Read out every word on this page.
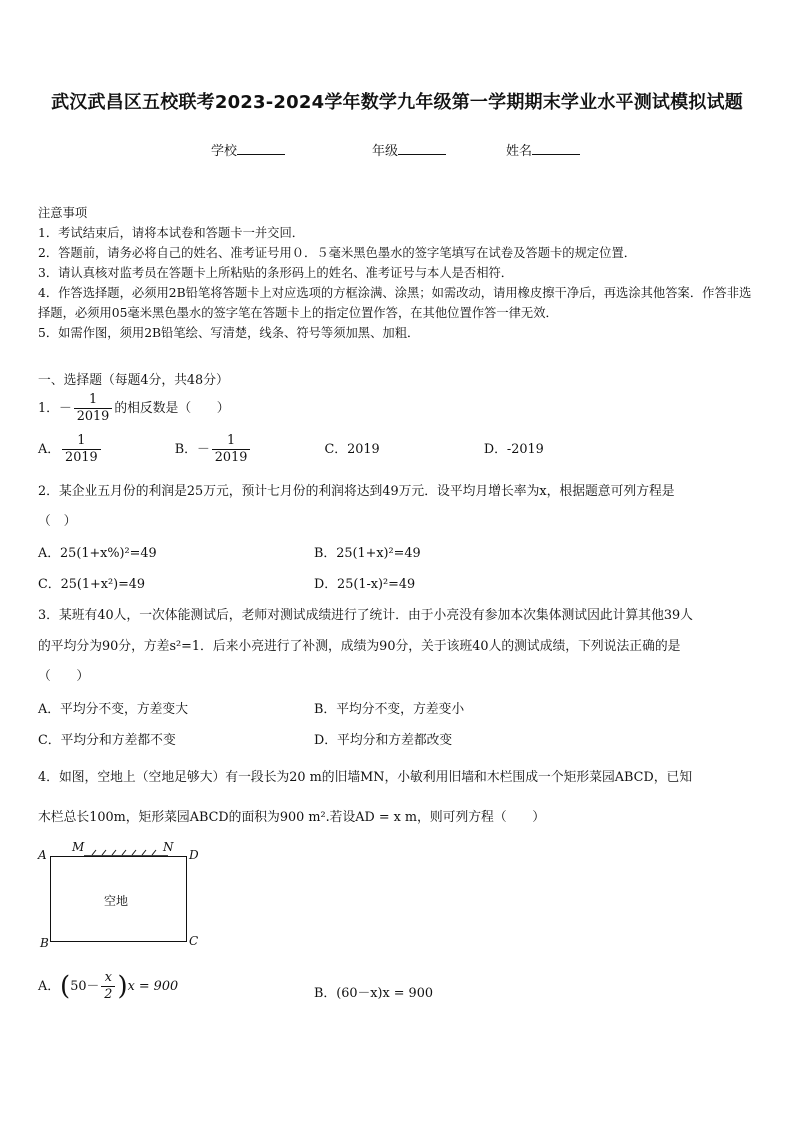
武汉武昌区五校联考2023-2024学年数学九年级第一学期期末学业水平测试模拟试题
学校	年级	姓名
注意事项
1．考试结束后，请将本试卷和答题卡一并交回．
2．答题前，请务必将自己的姓名、准考证号用０．５毫米黑色墨水的签字笔填写在试卷及答题卡的规定位置．
3．请认真核对监考员在答题卡上所粘贴的条形码上的姓名、准考证号与本人是否相符．
4．作答选择题，必须用2B铅笔将答题卡上对应选项的方框涂满、涂黑；如需改动，请用橡皮擦干净后，再选涂其他答案．作答非选择题，必须用05毫米黑色墨水的签字笔在答题卡上的指定位置作答，在其他位置作答一律无效．
5．如需作图，须用2B铅笔绘、写清楚，线条、符号等须加黑、加粗．
一、选择题（每题4分，共48分）
1．－ $\frac{1}{2019}$ 的相反数是（　　）
A． $\frac{1}{2019}$	B．－ $\frac{1}{2019}$	C．2019	D．-2019
2．某企业五月份的利润是25万元，预计七月份的利润将达到49万元．设平均月增长率为x，根据题意可列方程是
（　）
A．25(1+x%)²=49	B．25(1+x)²=49
C．25(1+x²)=49	D．25(1-x)²=49
3．某班有40人，一次体能测试后，老师对测试成绩进行了统计．由于小亮没有参加本次集体测试因此计算其他39人
的平均分为90分，方差s²=1．后来小亮进行了补测，成绩为90分，关于该班40人的测试成绩，下列说法正确的是
（　　）
A．平均分不变，方差变大	B．平均分不变，方差变小
C．平均分和方差都不变	D．平均分和方差都改变
4．如图，空地上（空地足够大）有一段长为20 m的旧墙MN，小敏利用旧墙和木栏围成一个矩形菜园ABCD，已知
木栏总长100m，矩形菜园ABCD的面积为900 m².若设AD = x m，则可列方程（　　）
A
M	N
D
B	C
空地
A．$(50- \frac{x}{2} )x = 900$	B．(60－x)x = 900
